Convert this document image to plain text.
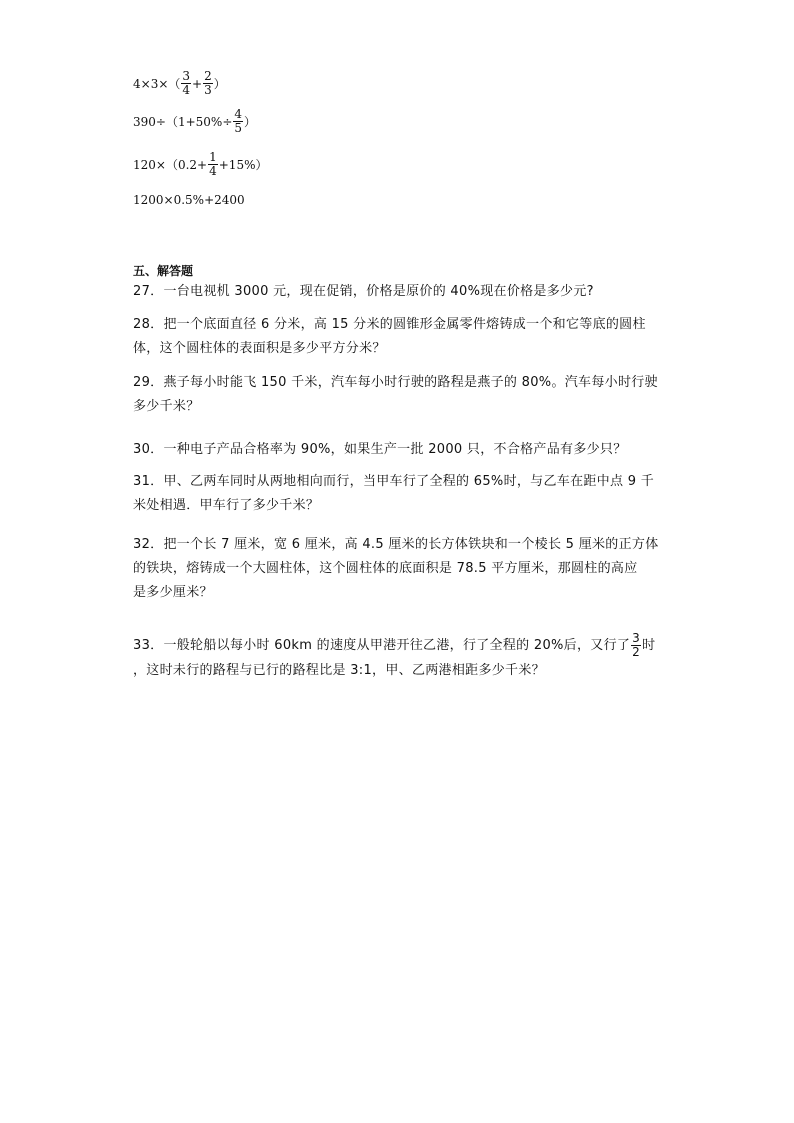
$4\times 3\times( \frac{3}{4} + \frac{2}{3}$ ）
$390\div(1+50\%\div \frac{4}{5}$ ）
$120\times(0.2+ \frac{1}{4} +15\%)$
1200×0.5%+2400
五、解答题
27．一台电视机 3000 元，现在促销，价格是原价的 40%现在价格是多少元?
28．把一个底面直径 6 分米，高 15 分米的圆锥形金属零件熔铸成一个和它等底的圆柱
体，这个圆柱体的表面积是多少平方分米？
29．燕子每小时能飞 150 千米，汽车每小时行驶的路程是燕子的 80%。汽车每小时行驶
多少千米？
30．一种电子产品合格率为 90%，如果生产一批 2000 只，不合格产品有多少只？
31．甲、乙两车同时从两地相向而行，当甲车行了全程的 65%时，与乙车在距中点 9 千
米处相遇．甲车行了多少千米？
32．把一个长 7 厘米，宽 6 厘米，高 4.5 厘米的长方体铁块和一个棱长 5 厘米的正方体
的铁块，熔铸成一个大圆柱体，这个圆柱体的底面积是 78.5 平方厘米，那圆柱的高应
是多少厘米？
33．一般轮船以每小时 60km 的速度从甲港开往乙港，行了全程的 20%后，又行了 $\frac{3}{2}$ 时
，这时未行的路程与已行的路程比是 3:1，甲、乙两港相距多少千米？
